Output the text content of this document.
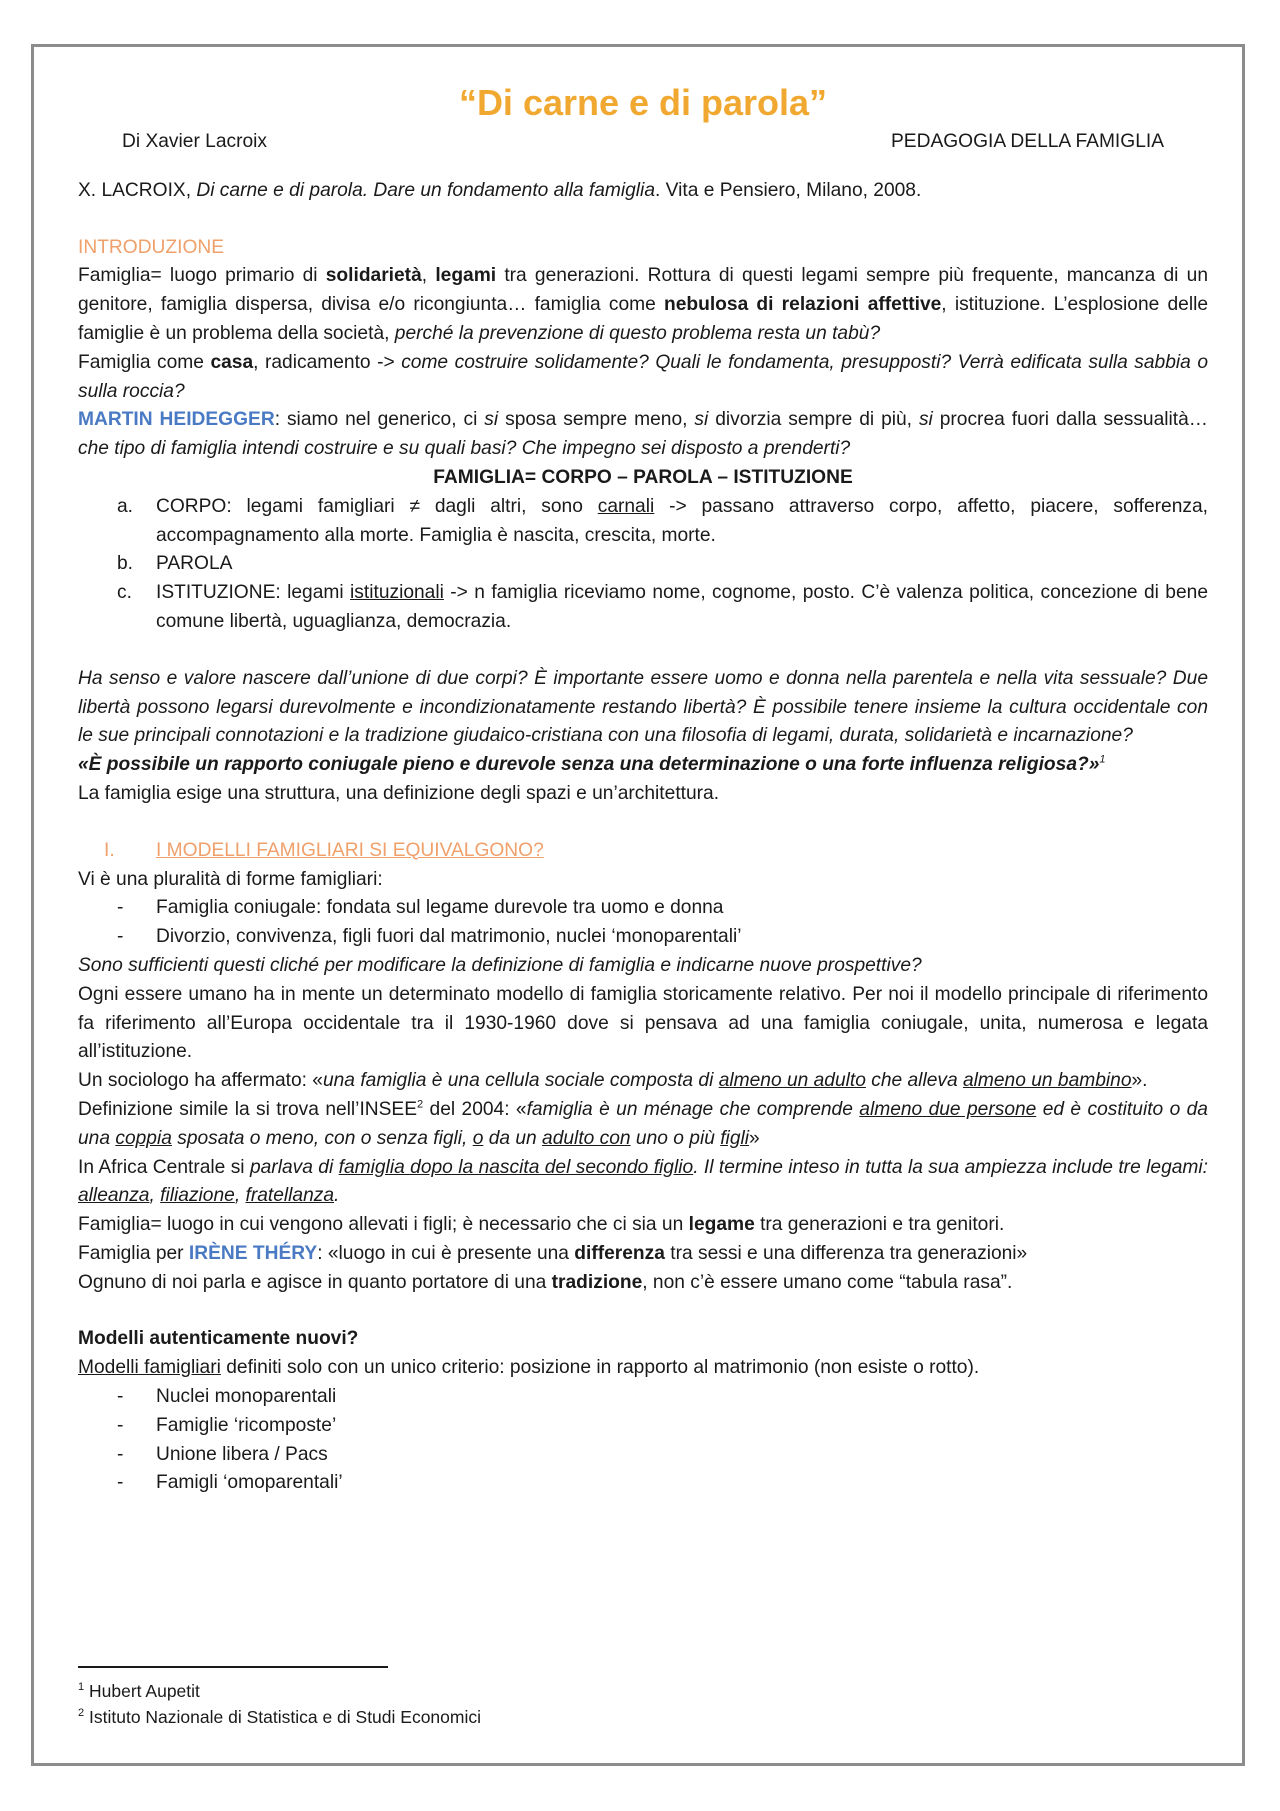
“Di carne e di parola”
Di Xavier Lacroix	PEDAGOGIA DELLA FAMIGLIA

X. LACROIX, Di carne e di parola. Dare un fondamento alla famiglia. Vita e Pensiero, Milano, 2008.

INTRODUZIONE

Famiglia= luogo primario di solidarietà, legami tra generazioni. Rottura di questi legami sempre più frequente, mancanza di un genitore, famiglia dispersa, divisa e/o ricongiunta… famiglia come nebulosa di relazioni affettive, istituzione. L’esplosione delle famiglie è un problema della società, perché la prevenzione di questo problema resta un tabù?

Famiglia come casa, radicamento -> come costruire solidamente? Quali le fondamenta, presupposti? Verrà edificata sulla sabbia o sulla roccia?

MARTIN HEIDEGGER: siamo nel generico, ci si sposa sempre meno, si divorzia sempre di più, si procrea fuori dalla sessualità… che tipo di famiglia intendi costruire e su quali basi? Che impegno sei disposto a prenderti?

FAMIGLIA= CORPO – PAROLA – ISTITUZIONE

a. CORPO: legami famigliari ≠ dagli altri, sono carnali -> passano attraverso corpo, affetto, piacere, sofferenza, accompagnamento alla morte. Famiglia è nascita, crescita, morte.
b. PAROLA
c. ISTITUZIONE: legami istituzionali -> n famiglia riceviamo nome, cognome, posto. C’è valenza politica, concezione di bene comune libertà, uguaglianza, democrazia.

Ha senso e valore nascere dall’unione di due corpi? È importante essere uomo e donna nella parentela e nella vita sessuale? Due libertà possono legarsi durevolmente e incondizionatamente restando libertà? È possibile tenere insieme la cultura occidentale con le sue principali connotazioni e la tradizione giudaico-cristiana con una filosofia di legami, durata, solidarietà e incarnazione?

«È possibile un rapporto coniugale pieno e durevole senza una determinazione o una forte influenza religiosa?»$^1$

La famiglia esige una struttura, una definizione degli spazi e un’architettura.

I.	I MODELLI FAMIGLIARI SI EQUIVALGONO?

Vi è una pluralità di forme famigliari:

- Famiglia coniugale: fondata sul legame durevole tra uomo e donna
- Divorzio, convivenza, figli fuori dal matrimonio, nuclei ‘monoparentali’

Sono sufficienti questi cliché per modificare la definizione di famiglia e indicarne nuove prospettive?

Ogni essere umano ha in mente un determinato modello di famiglia storicamente relativo. Per noi il modello principale di riferimento fa riferimento all’Europa occidentale tra il 1930-1960 dove si pensava ad una famiglia coniugale, unita, numerosa e legata all’istituzione.

Un sociologo ha affermato: «una famiglia è una cellula sociale composta di almeno un adulto che alleva almeno un bambino».

Definizione simile la si trova nell’INSEE$^2$ del 2004: «famiglia è un ménage che comprende almeno due persone ed è costituito o da una coppia sposata o meno, con o senza figli, o da un adulto con uno o più figli»

In Africa Centrale si parlava di famiglia dopo la nascita del secondo figlio. Il termine inteso in tutta la sua ampiezza include tre legami: alleanza, filiazione, fratellanza.

Famiglia= luogo in cui vengono allevati i figli; è necessario che ci sia un legame tra generazioni e tra genitori.

Famiglia per IRÈNE THÉRY: «luogo in cui è presente una differenza tra sessi e una differenza tra generazioni»

Ognuno di noi parla e agisce in quanto portatore di una tradizione, non c’è essere umano come “tabula rasa”.

Modelli autenticamente nuovi?

Modelli famigliari definiti solo con un unico criterio: posizione in rapporto al matrimonio (non esiste o rotto).

- Nuclei monoparentali
- Famiglie ‘ricomposte’
- Unione libera / Pacs
- Famigli ‘omoparentali’
$^1$ Hubert Aupetit
$^2$ Istituto Nazionale di Statistica e di Studi Economici
